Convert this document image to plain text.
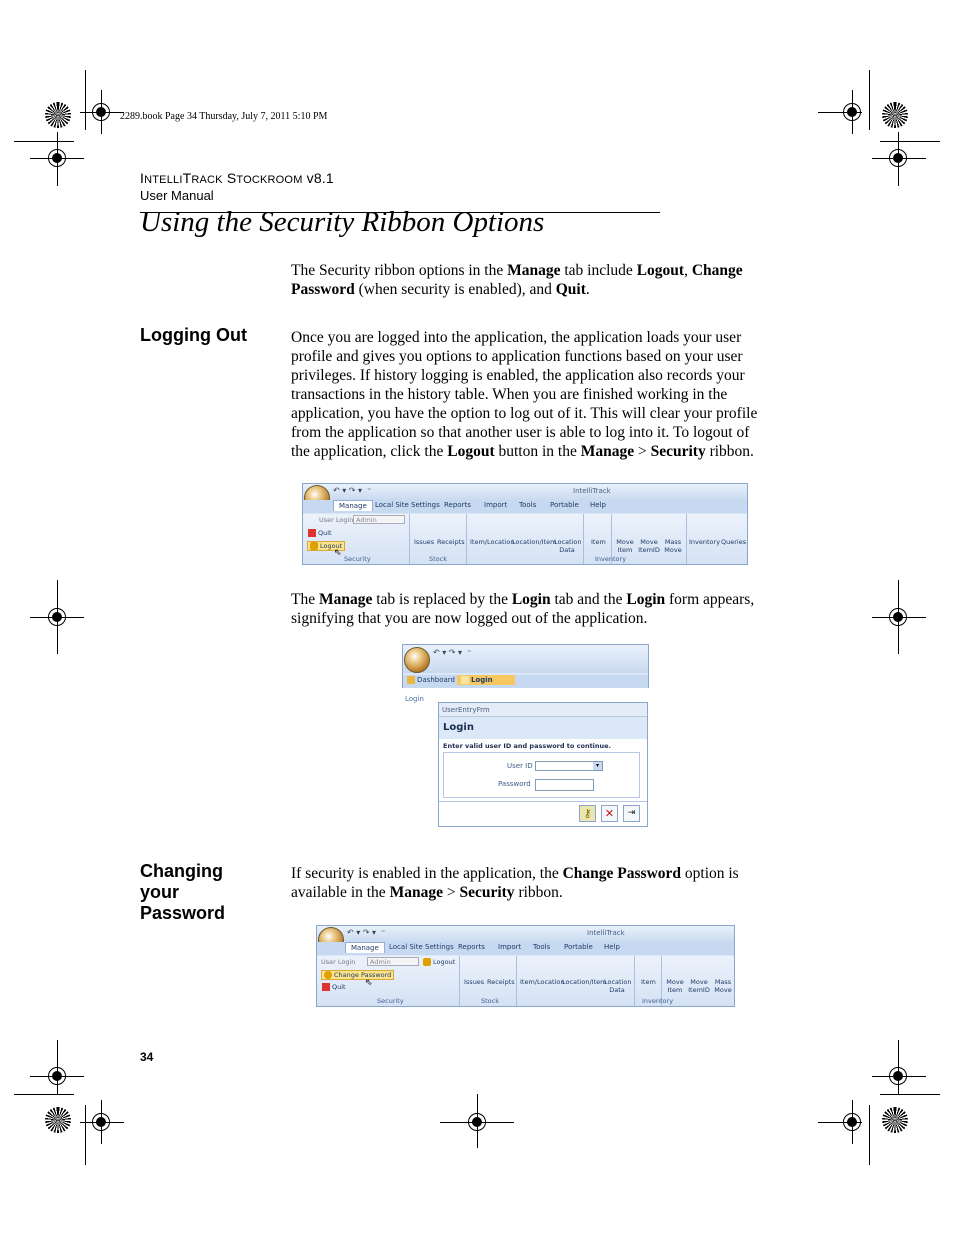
2289.book Page 34 Thursday, July 7, 2011 5:10 PM
INTELLITRACK STOCKROOM v8.1
User Manual
Using the Security Ribbon Options
The Security ribbon options in the Manage tab include Logout, Change Password (when security is enabled), and Quit.
Logging Out	Once you are logged into the application, the application loads your user profile and gives you options to application functions based on your user privileges. If history logging is enabled, the application also records your transactions in the history table. When you are finished working in the application, you have the option to log out of it. This will clear your profile from the application so that another user is able to log into it. To logout of the application, click the Logout button in the Manage > Security ribbon.
IntelliTrack
↶ ▾ ↷ ▾  ⁼
Manage	Local Site Settings Reports Import Tools Portable Help
User Login Admin
Quit
Logout
⇖
Security
Issues Receipts
Stock
Item/Location
Location/Item
Location Data
Item Move Item
Move ItemID
Mass Move
Inventory Queries
Inventory
The Manage tab is replaced by the Login tab and the Login form appears, signifying that you are now logged out of the application.
↶ ▾ ↷ ▾  ⁼
Dashboard	Login
Login
UserEntryFrm
Login
Enter valid user ID and password to continue.
User ID	▾
Password
⚷	✕	⇥
Changing
your
Password
If security is enabled in the application, the Change Password option is available in the Manage > Security ribbon.
IntelliTrack
↶ ▾ ↷ ▾  ⁼
Manage	Local Site Settings Reports Import Tools Portable Help
User Login	Admin	Logout
Change Password
⇖
Quit
Security
Issues Receipts
Stock
Item/Location
Location/Item
Location Data
Item Move Item
Move ItemID
Mass Move
Inventory
34
